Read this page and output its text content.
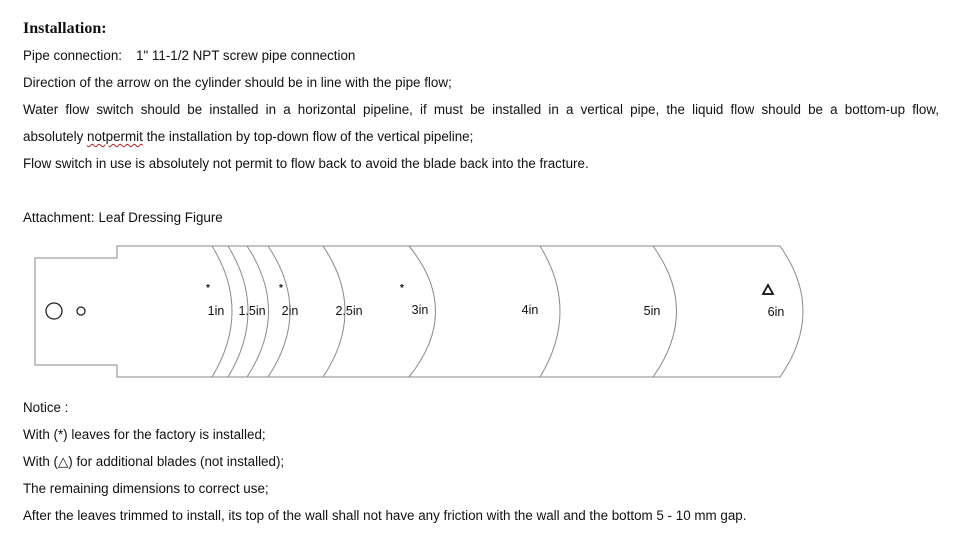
Installation:
Pipe connection: 1" 11-1/2 NPT screw pipe connection
Direction of the arrow on the cylinder should be in line with the pipe flow;
Water flow switch should be installed in a horizontal pipeline, if must be installed in a vertical pipe, the liquid flow should be a bottom-up flow,
absolutely notpermit the installation by top-down flow of the vertical pipeline;
Flow switch in use is absolutely not permit to flow back to avoid the blade back into the fracture.
Attachment: Leaf Dressing Figure
*	*	*
1in 1.5in 2in	2.5in	3in	4in	5in	6in
Notice :
With (*) leaves for the factory is installed;
With (△) for additional blades (not installed);
The remaining dimensions to correct use;
After the leaves trimmed to install, its top of the wall shall not have any friction with the wall and the bottom 5 - 10 mm gap.
